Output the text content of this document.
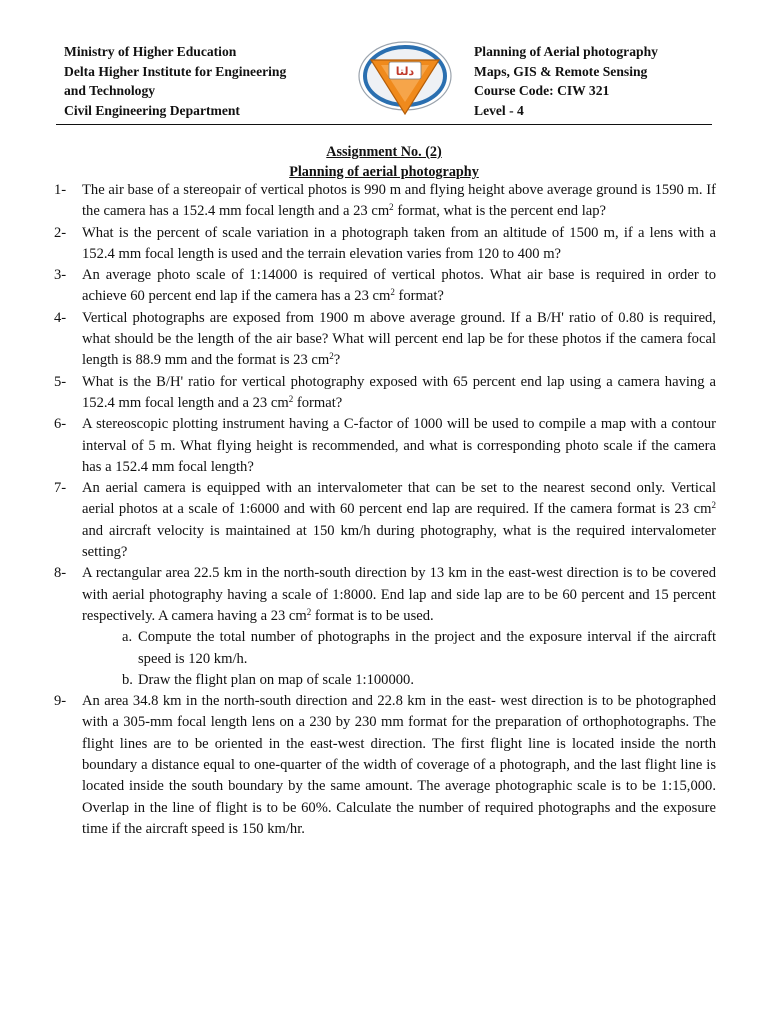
Ministry of Higher Education
Delta Higher Institute for Engineering
and Technology
Civil Engineering Department
دلتا
Planning of Aerial photography
Maps, GIS & Remote Sensing
Course Code: CIW 321
Level - 4
Assignment No. (2)
Planning of aerial photography
1- The air base of a stereopair of vertical photos is 990 m and flying height above average ground is 1590 m. If the camera has a 152.4 mm focal length and a 23 $cm^2$ format, what is the percent end lap?
2- What is the percent of scale variation in a photograph taken from an altitude of 1500 m, if a lens with a 152.4 mm focal length is used and the terrain elevation varies from 120 to 400 m?
3- An average photo scale of 1:14000 is required of vertical photos. What air base is required in order to achieve 60 percent end lap if the camera has a 23 $cm^2$ format?
4- Vertical photographs are exposed from 1900 m above average ground. If a B/H' ratio of 0.80 is required, what should be the length of the air base? What will percent end lap be for these photos if the camera focal length is 88.9 mm and the format is 23 $cm^2$?
5- What is the B/H' ratio for vertical photography exposed with 65 percent end lap using a camera having a 152.4 mm focal length and a 23 $cm^2$ format?
6- A stereoscopic plotting instrument having a C-factor of 1000 will be used to compile a map with a contour interval of 5 m. What flying height is recommended, and what is corresponding photo scale if the camera has a 152.4 mm focal length?
7- An aerial camera is equipped with an intervalometer that can be set to the nearest second only. Vertical aerial photos at a scale of 1:6000 and with 60 percent end lap are required. If the camera format is 23 $cm^2$ and aircraft velocity is maintained at 150 km/h during photography, what is the required intervalometer setting?
8- A rectangular area 22.5 km in the north-south direction by 13 km in the east-west direction is to be covered with aerial photography having a scale of 1:8000. End lap and side lap are to be 60 percent and 15 percent respectively. A camera having a 23 $cm^2$ format is to be used.
a. Compute the total number of photographs in the project and the exposure interval if the aircraft speed is 120 km/h.
b. Draw the flight plan on map of scale 1:100000.
9- An area 34.8 km in the north-south direction and 22.8 km in the east- west direction is to be photographed with a 305-mm focal length lens on a 230 by 230 mm format for the preparation of orthophotographs. The flight lines are to be oriented in the east-west direction. The first flight line is located inside the north boundary a distance equal to one-quarter of the width of coverage of a photograph, and the last flight line is located inside the south boundary by the same amount. The average photographic scale is to be 1:15,000. Overlap in the line of flight is to be 60%. Calculate the number of required photographs and the exposure time if the aircraft speed is 150 km/hr.
